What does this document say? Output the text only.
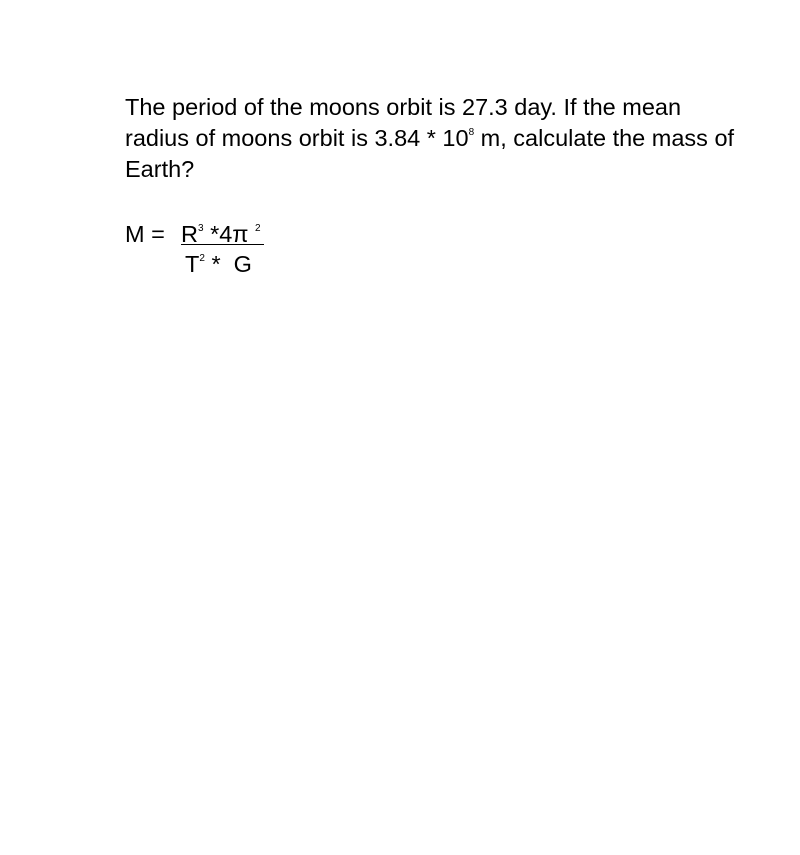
The period of the moons orbit is 27.3 day. If the mean
radius of moons orbit is $3.84 * 10^8$ m, calculate the mass of
Earth?
$M = R^3$ *4π $^2$
$T^2$ *  G
